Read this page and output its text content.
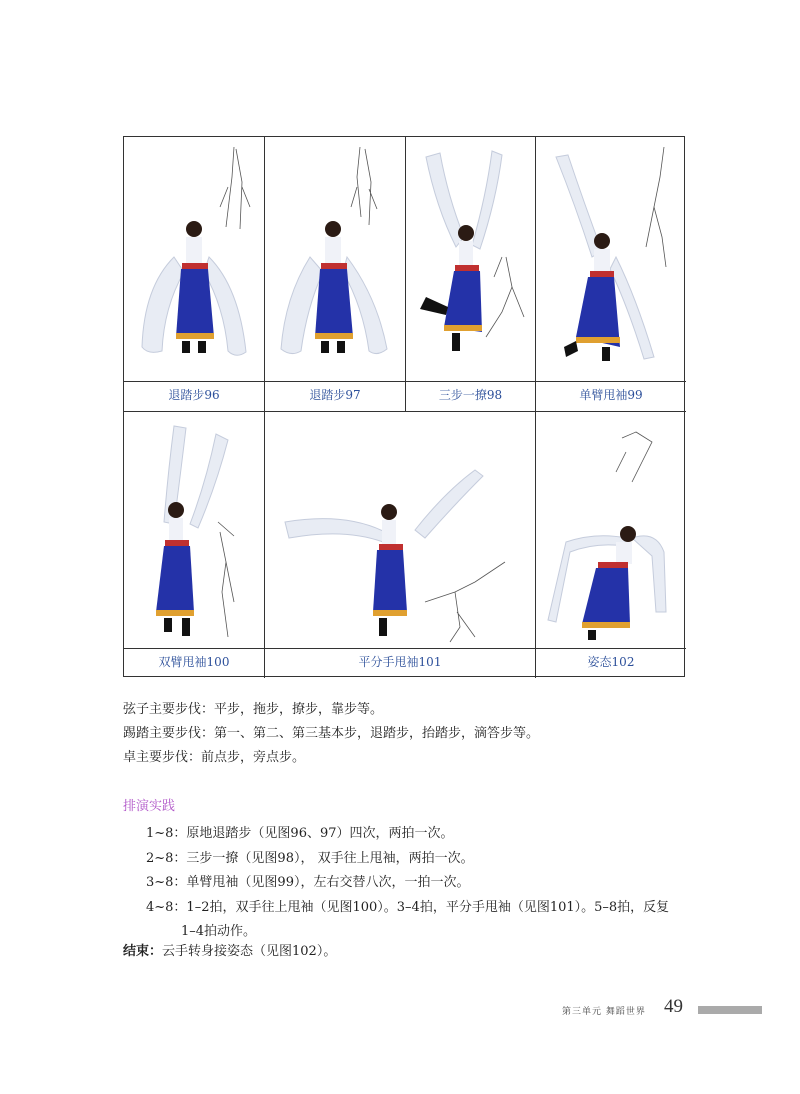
退踏步96	退踏步97	三步一撩98	单臂甩袖99
双臂甩袖100	平分手甩袖101	姿态102
弦子主要步伐：平步，拖步，撩步，靠步等。
踢踏主要步伐：第一、第二、第三基本步，退踏步，抬踏步，滴答步等。
卓主要步伐：前点步，旁点步。
排演实践
1~8：原地退踏步（见图96、97）四次，两拍一次。
2~8：三步一撩（见图98）， 双手往上甩袖，两拍一次。
3~8：单臂甩袖（见图99），左右交替八次，一拍一次。
4~8：1–2拍，双手往上甩袖（见图100）。3–4拍，平分手甩袖（见图101）。5–8拍，反复
1–4拍动作。
结束：云手转身接姿态（见图102）。
第三单元 舞蹈世界 49
